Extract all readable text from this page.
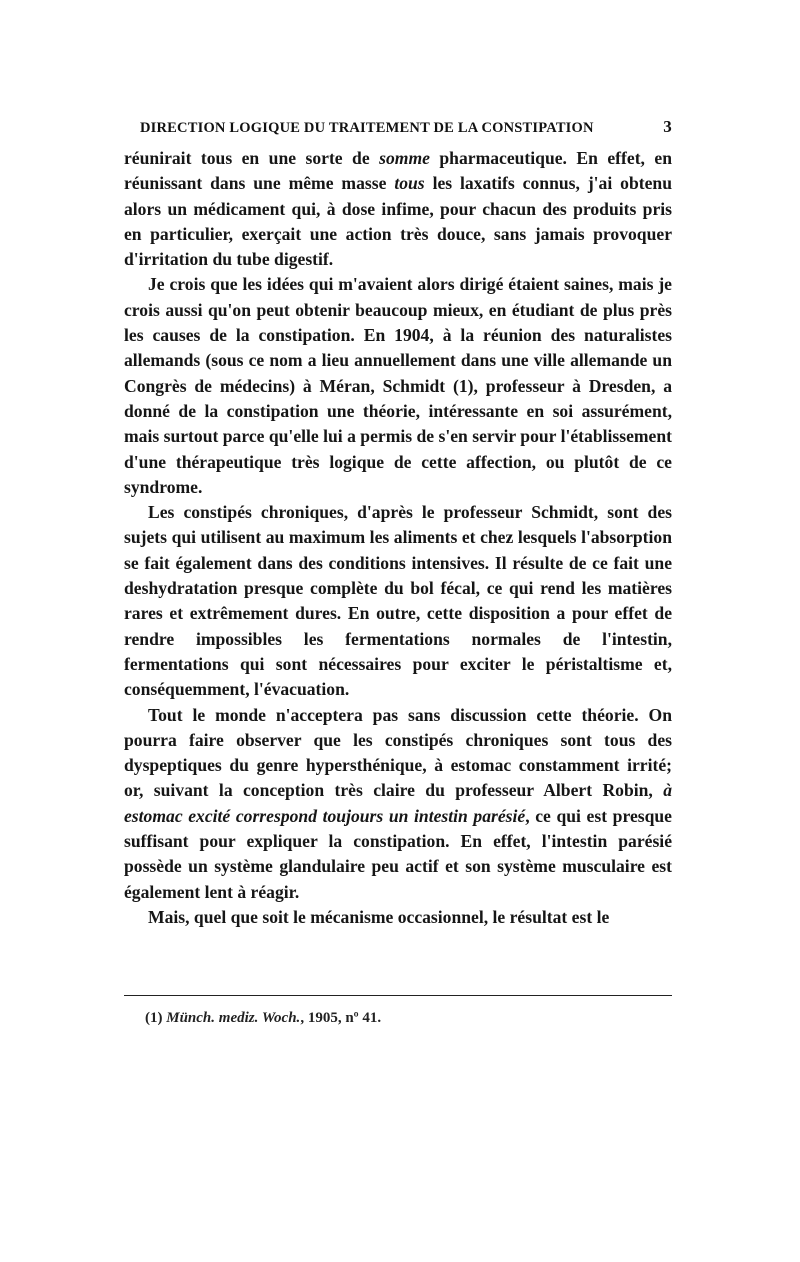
DIRECTION LOGIQUE DU TRAITEMENT DE LA CONSTIPATION	3

réunirait tous en une sorte de somme pharmaceutique. En effet, en réunissant dans une même masse tous les laxatifs connus, j'ai obtenu alors un médicament qui, à dose infime, pour chacun des produits pris en particulier, exerçait une action très douce, sans jamais provoquer d'irritation du tube digestif.

Je crois que les idées qui m'avaient alors dirigé étaient saines, mais je crois aussi qu'on peut obtenir beaucoup mieux, en étudiant de plus près les causes de la constipation. En 1904, à la réunion des naturalistes allemands (sous ce nom a lieu annuellement dans une ville allemande un Congrès de médecins) à Méran, Schmidt (1), professeur à Dresden, a donné de la constipation une théorie, intéressante en soi assurément, mais surtout parce qu'elle lui a permis de s'en servir pour l'établissement d'une thérapeutique très logique de cette affection, ou plutôt de ce syndrome.

Les constipés chroniques, d'après le professeur Schmidt, sont des sujets qui utilisent au maximum les aliments et chez lesquels l'absorption se fait également dans des conditions intensives. Il résulte de ce fait une deshydratation presque complète du bol fécal, ce qui rend les matières rares et extrêmement dures. En outre, cette disposition a pour effet de rendre impossibles les fermentations normales de l'intestin, fermentations qui sont nécessaires pour exciter le péristaltisme et, conséquemment, l'évacuation.

Tout le monde n'acceptera pas sans discussion cette théorie. On pourra faire observer que les constipés chroniques sont tous des dyspeptiques du genre hypersthénique, à estomac constamment irrité; or, suivant la conception très claire du professeur Albert Robin, à estomac excité correspond toujours un intestin parésié, ce qui est presque suffisant pour expliquer la constipation. En effet, l'intestin parésié possède un système glandulaire peu actif et son système musculaire est également lent à réagir.

Mais, quel que soit le mécanisme occasionnel, le résultat est le

(1) Münch. mediz. Woch., 1905, nº 41.
